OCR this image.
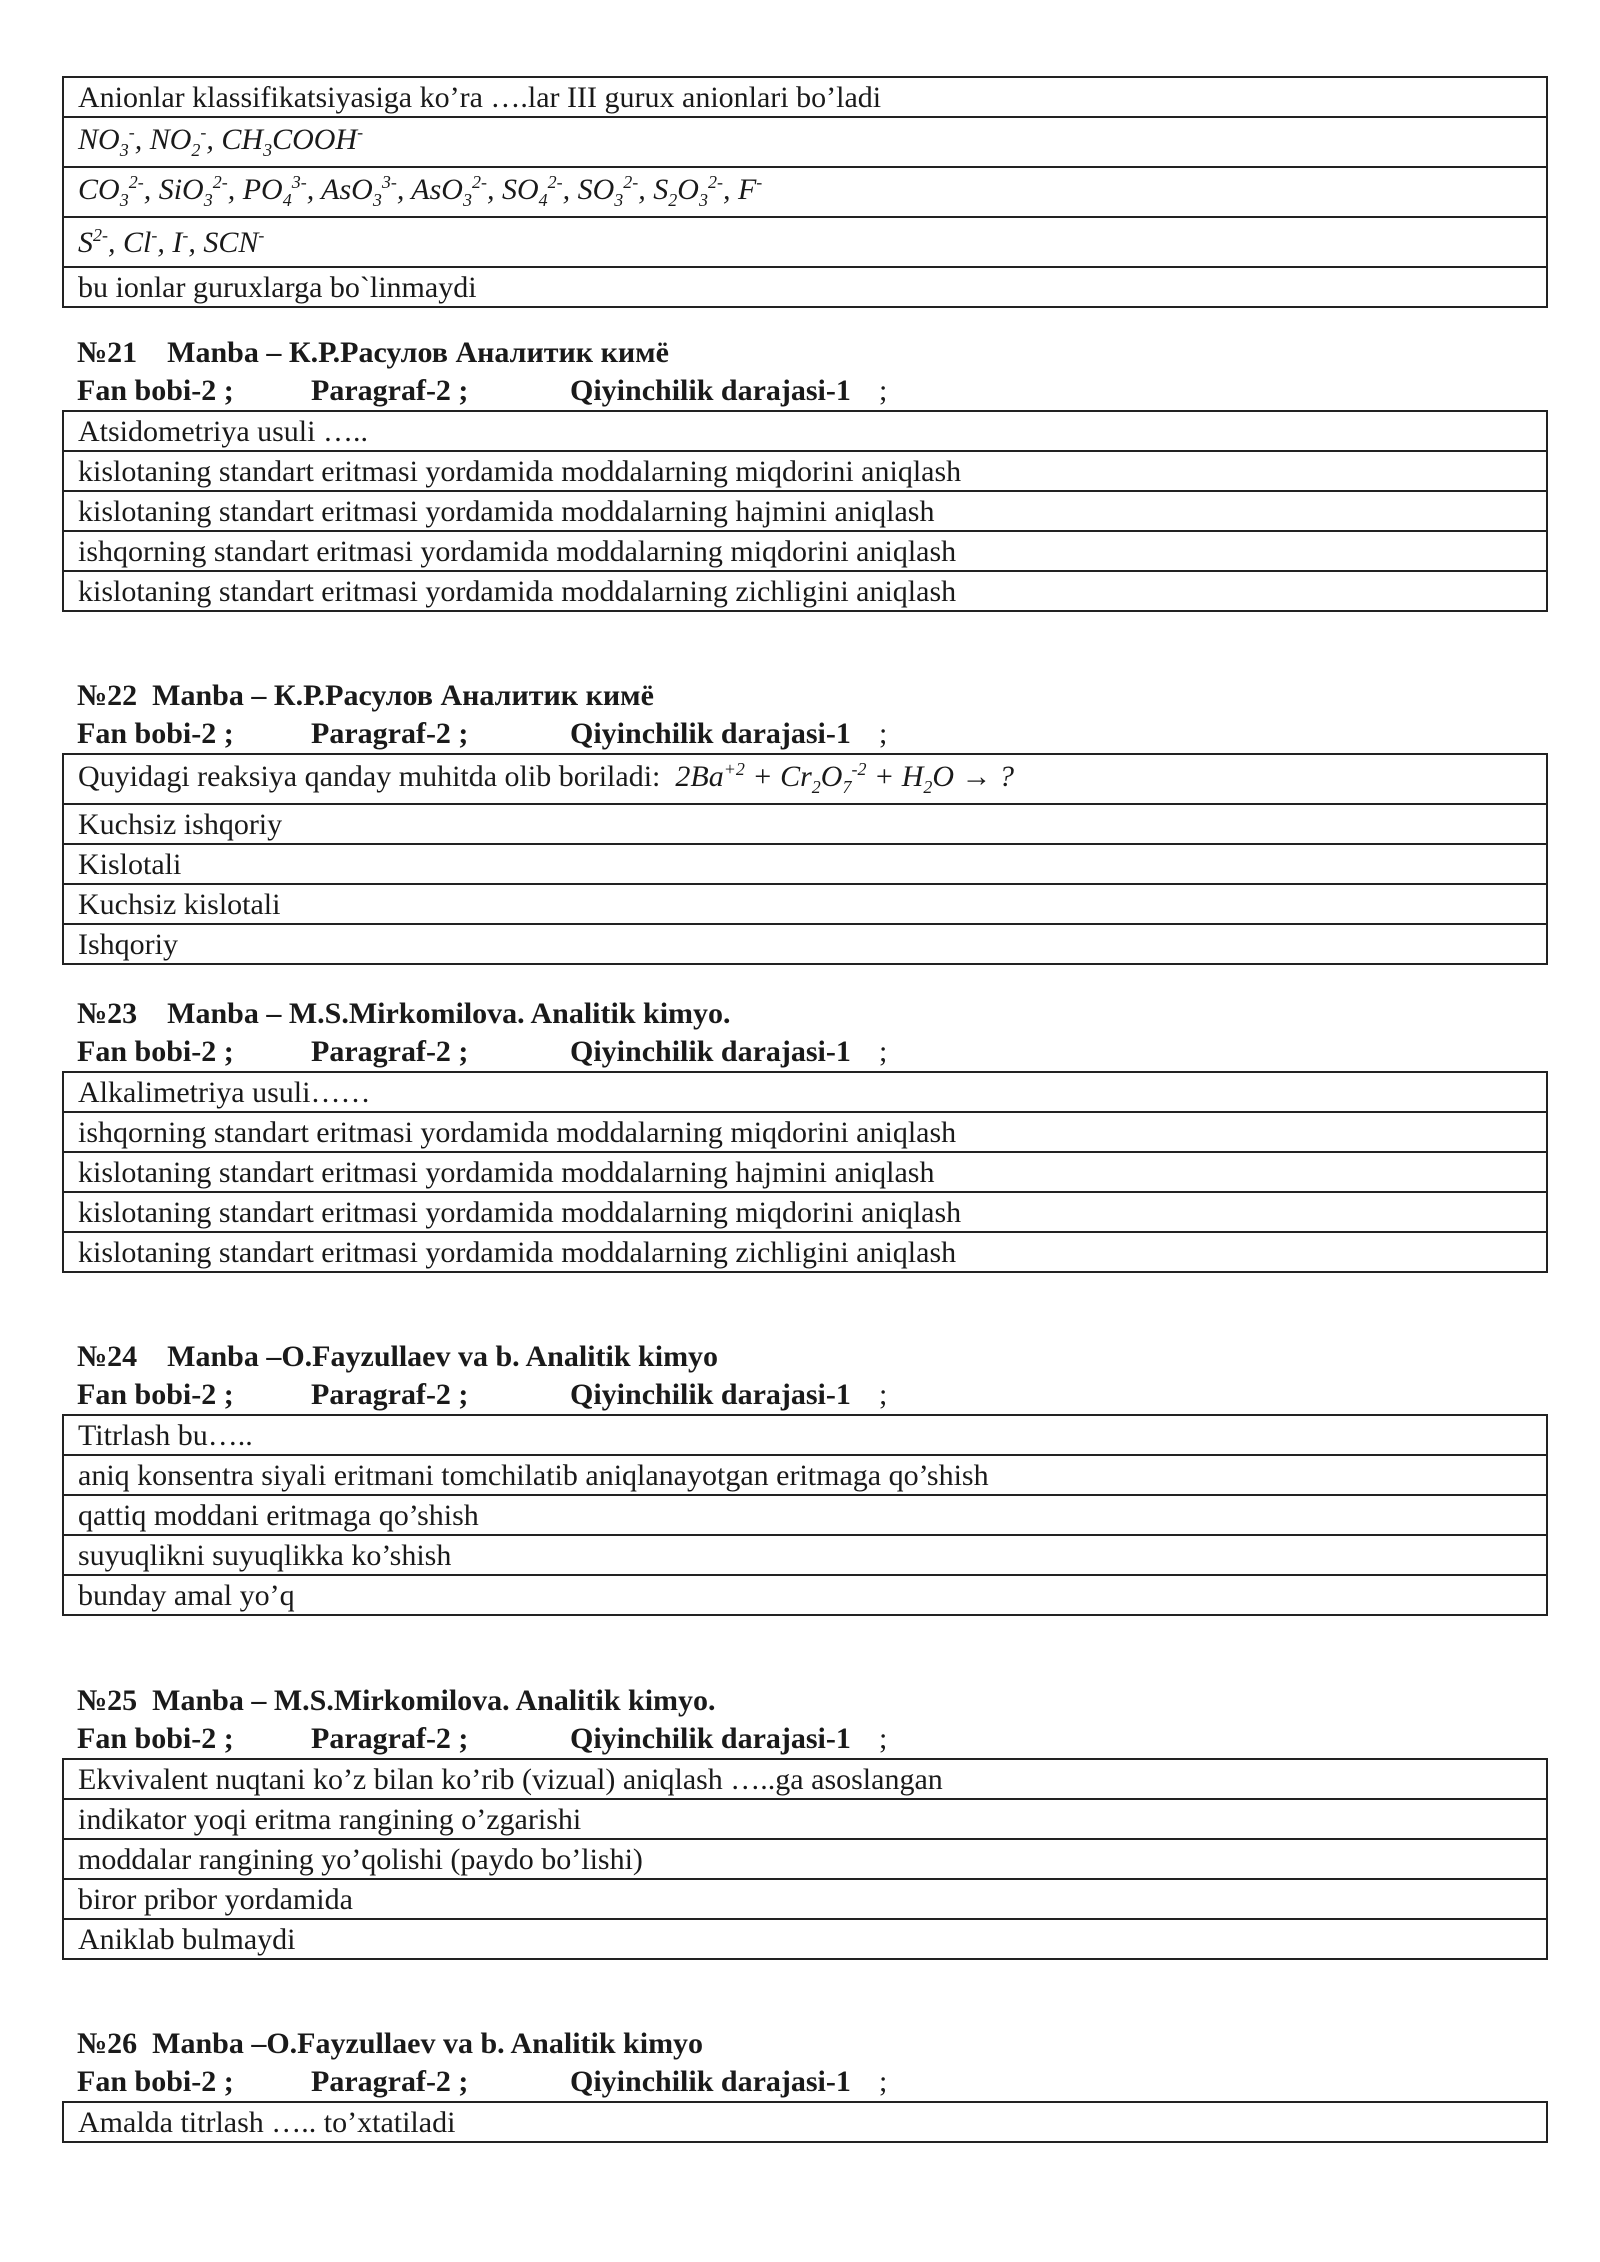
Anionlar klassifikatsiyasiga ko’ra ….lar III gurux anionlari bo’ladi
$NO_3^-$, $NO_2^-$, $CH_3COOH^-$
$CO_3^{2-}$, SiO$_3^{2-}$, $PO_4^{3-}$, AsO$_3^{3-}$, AsO$_3^{2-}$, $SO_4^{2-}$, $SO_3^{2-}$, $S_2O_3^{2-}$, F-
$S^{2-}$, Cl-, I-, SCN-
bu ionlar guruxlarga bo`linmaydi
№21 Manba – К.Р.Расулов Аналитик кимё
Fan bobi-2 ;	Paragraf-2 ;	Qiyinchilik darajasi-1 ;
Atsidometriya usuli …..
kislotaning standart eritmasi yordamida moddalarning miqdorini aniqlash
kislotaning standart eritmasi yordamida moddalarning hajmini aniqlash
ishqorning standart eritmasi yordamida moddalarning miqdorini aniqlash
kislotaning standart eritmasi yordamida moddalarning zichligini aniqlash
№22 Manba – К.Р.Расулов Аналитик кимё
Fan bobi-2 ;	Paragraf-2 ;	Qiyinchilik darajasi-1 ;
Quyidagi reaksiya qanday muhitda olib boriladi: $2Ba^{+2} + Cr_2O_7^{-2} + H_2O$ → ?
Kuchsiz ishqoriy
Kislotali
Kuchsiz kislotali
Ishqoriy
№23 Manba – M.S.Mirkomilova. Analitik kimyo.
Fan bobi-2 ;	Paragraf-2 ;	Qiyinchilik darajasi-1 ;
Alkalimetriya usuli……
ishqorning standart eritmasi yordamida moddalarning miqdorini aniqlash
kislotaning standart eritmasi yordamida moddalarning hajmini aniqlash
kislotaning standart eritmasi yordamida moddalarning miqdorini aniqlash
kislotaning standart eritmasi yordamida moddalarning zichligini aniqlash
№24 Manba –O.Fayzullaev va b. Analitik kimyo
Fan bobi-2 ;	Paragraf-2 ;	Qiyinchilik darajasi-1 ;
Titrlash bu…..
aniq konsentra siyali eritmani tomchilatib aniqlanayotgan eritmaga qo’shish
qattiq moddani eritmaga qo’shish
suyuqlikni suyuqlikka ko’shish
bunday amal yo’q
№25 Manba – M.S.Mirkomilova. Analitik kimyo.
Fan bobi-2 ;	Paragraf-2 ;	Qiyinchilik darajasi-1 ;
Ekvivalent nuqtani ko’z bilan ko’rib (vizual) aniqlash …..ga asoslangan
indikator yoqi eritma rangining o’zgarishi
moddalar rangining yo’qolishi (paydo bo’lishi)
biror pribor yordamida
Aniklab bulmaydi
№26 Manba –O.Fayzullaev va b. Analitik kimyo
Fan bobi-2 ;	Paragraf-2 ;	Qiyinchilik darajasi-1 ;
Amalda titrlash ….. to’xtatiladi
